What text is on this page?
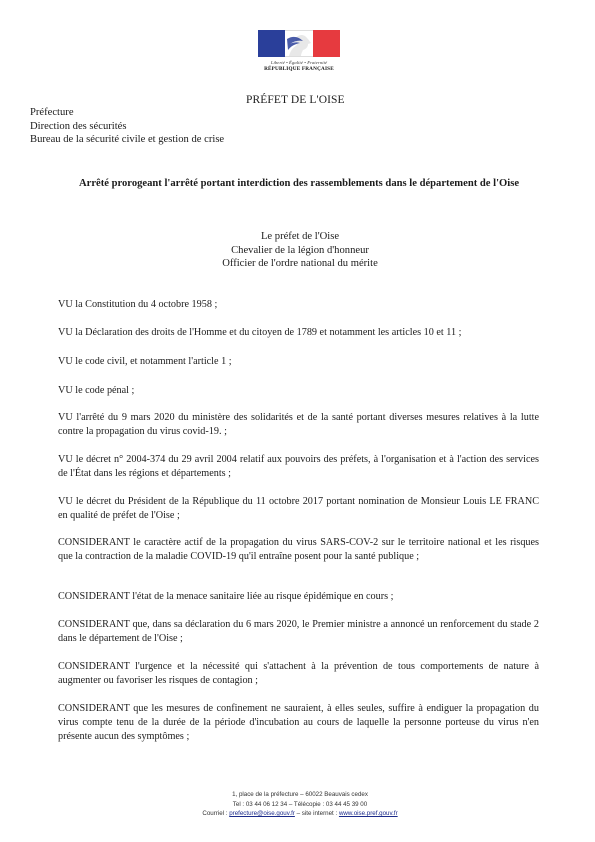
Liberté • Égalité • Fraternité
RÉPUBLIQUE FRANÇAISE
PRÉFET DE L'OISE
Préfecture
Direction des sécurités
Bureau de la sécurité civile et gestion de crise
Arrêté prorogeant l'arrêté portant interdiction des rassemblements dans le département de l'Oise
Le préfet de l'Oise
Chevalier de la légion d'honneur
Officier de l'ordre national du mérite
VU la Constitution du 4 octobre 1958 ;
VU la Déclaration des droits de l'Homme et du citoyen de 1789 et notamment les articles 10 et 11 ;
VU le code civil, et notamment l'article 1 ;
VU le code pénal ;
VU l'arrêté du 9 mars 2020 du ministère des solidarités et de la santé portant diverses mesures relatives à la lutte contre la propagation du virus covid-19. ;
VU le décret n° 2004-374 du 29 avril 2004 relatif aux pouvoirs des préfets, à l'organisation et à l'action des services de l'État dans les régions et départements ;
VU le décret du Président de la République du 11 octobre 2017 portant nomination de Monsieur Louis LE FRANC en qualité de préfet de l'Oise ;
CONSIDERANT le caractère actif de la propagation du virus SARS-COV-2 sur le territoire national et les risques que la contraction de la maladie COVID-19 qu'il entraîne posent pour la santé publique ;
CONSIDERANT l'état de la menace sanitaire liée au risque épidémique en cours ;
CONSIDERANT que, dans sa déclaration du 6 mars 2020, le Premier ministre a annoncé un renforcement du stade 2 dans le département de l'Oise ;
CONSIDERANT l'urgence et la nécessité qui s'attachent à la prévention de tous comportements de nature à augmenter ou favoriser les risques de contagion ;
CONSIDERANT que les mesures de confinement ne sauraient, à elles seules, suffire à endiguer la propagation du virus compte tenu de la durée de la période d'incubation au cours de laquelle la personne porteuse du virus n'en présente aucun des symptômes ;
1, place de la préfecture – 60022 Beauvais cedex
Tel : 03 44 06 12 34 – Télécopie : 03 44 45 39 00
Courriel : prefecture@oise.gouv.fr – site internet : www.oise.pref.gouv.fr
